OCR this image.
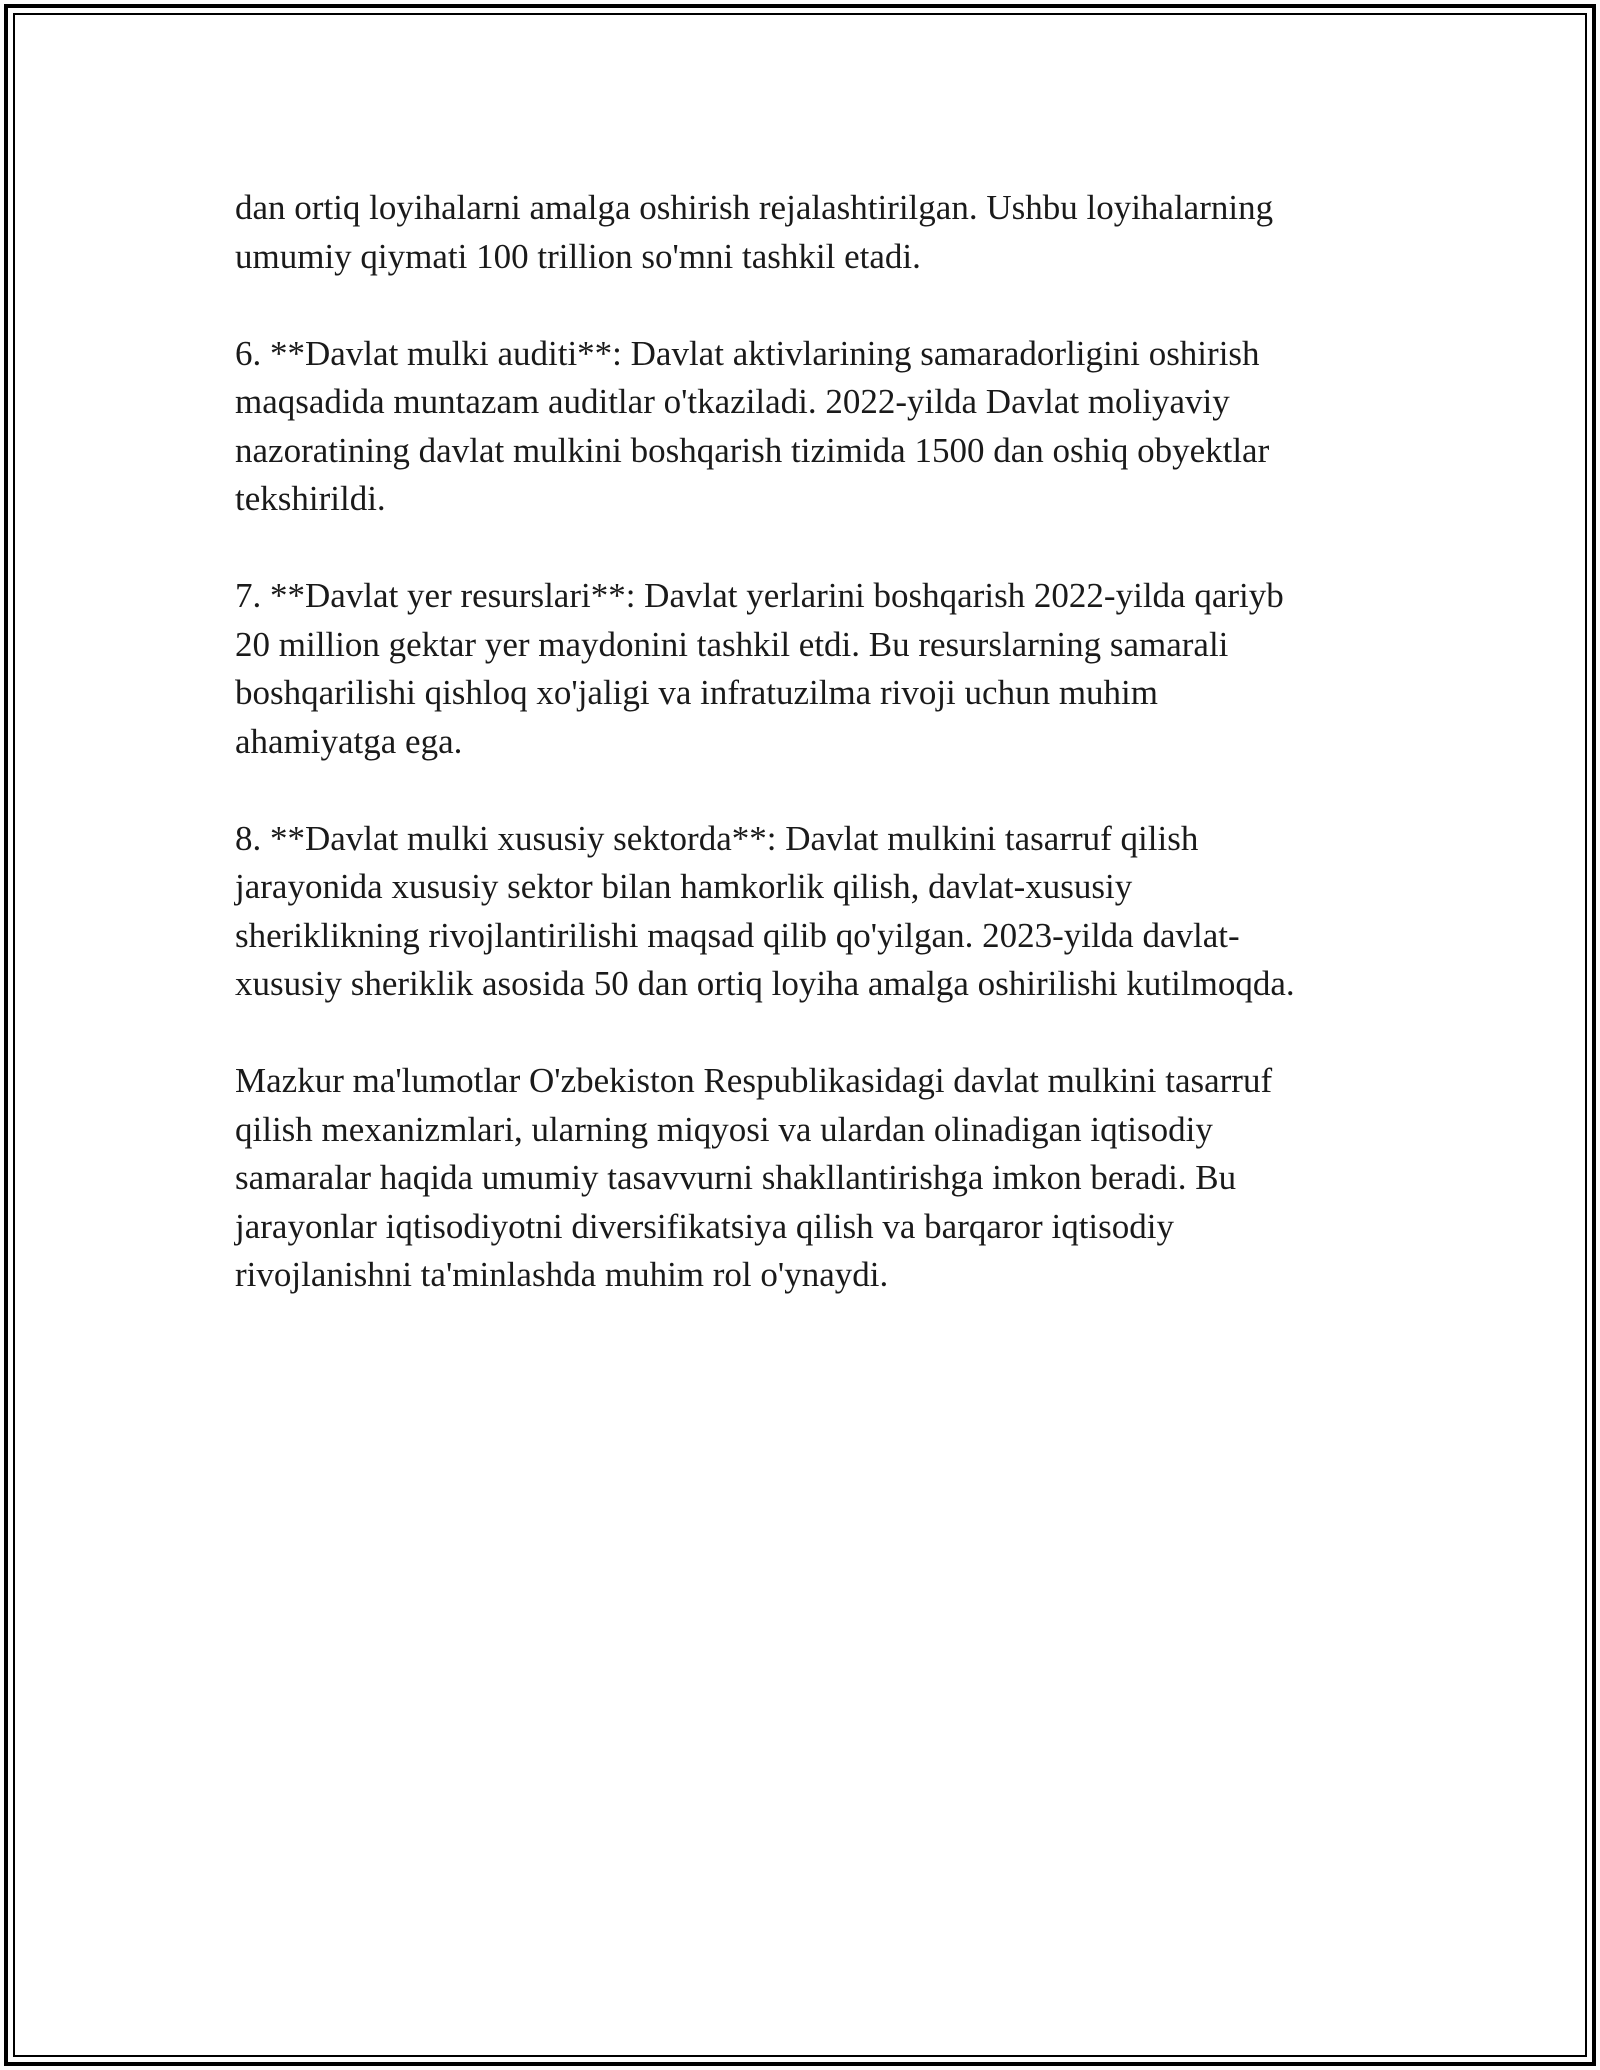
dan ortiq loyihalarni amalga oshirish rejalashtirilgan. Ushbu loyihalarning
umumiy qiymati 100 trillion so'mni tashkil etadi.

6. **Davlat mulki auditi**: Davlat aktivlarining samaradorligini oshirish
maqsadida muntazam auditlar o'tkaziladi. 2022-yilda Davlat moliyaviy
nazoratining davlat mulkini boshqarish tizimida 1500 dan oshiq obyektlar
tekshirildi.

7. **Davlat yer resurslari**: Davlat yerlarini boshqarish 2022-yilda qariyb
20 million gektar yer maydonini tashkil etdi. Bu resurslarning samarali
boshqarilishi qishloq xo'jaligi va infratuzilma rivoji uchun muhim
ahamiyatga ega.

8. **Davlat mulki xususiy sektorda**: Davlat mulkini tasarruf qilish
jarayonida xususiy sektor bilan hamkorlik qilish, davlat-xususiy
sheriklikning rivojlantirilishi maqsad qilib qo'yilgan. 2023-yilda davlat-
xususiy sheriklik asosida 50 dan ortiq loyiha amalga oshirilishi kutilmoqda.

Mazkur ma'lumotlar O'zbekiston Respublikasidagi davlat mulkini tasarruf
qilish mexanizmlari, ularning miqyosi va ulardan olinadigan iqtisodiy
samaralar haqida umumiy tasavvurni shakllantirishga imkon beradi. Bu
jarayonlar iqtisodiyotni diversifikatsiya qilish va barqaror iqtisodiy
rivojlanishni ta'minlashda muhim rol o'ynaydi.
